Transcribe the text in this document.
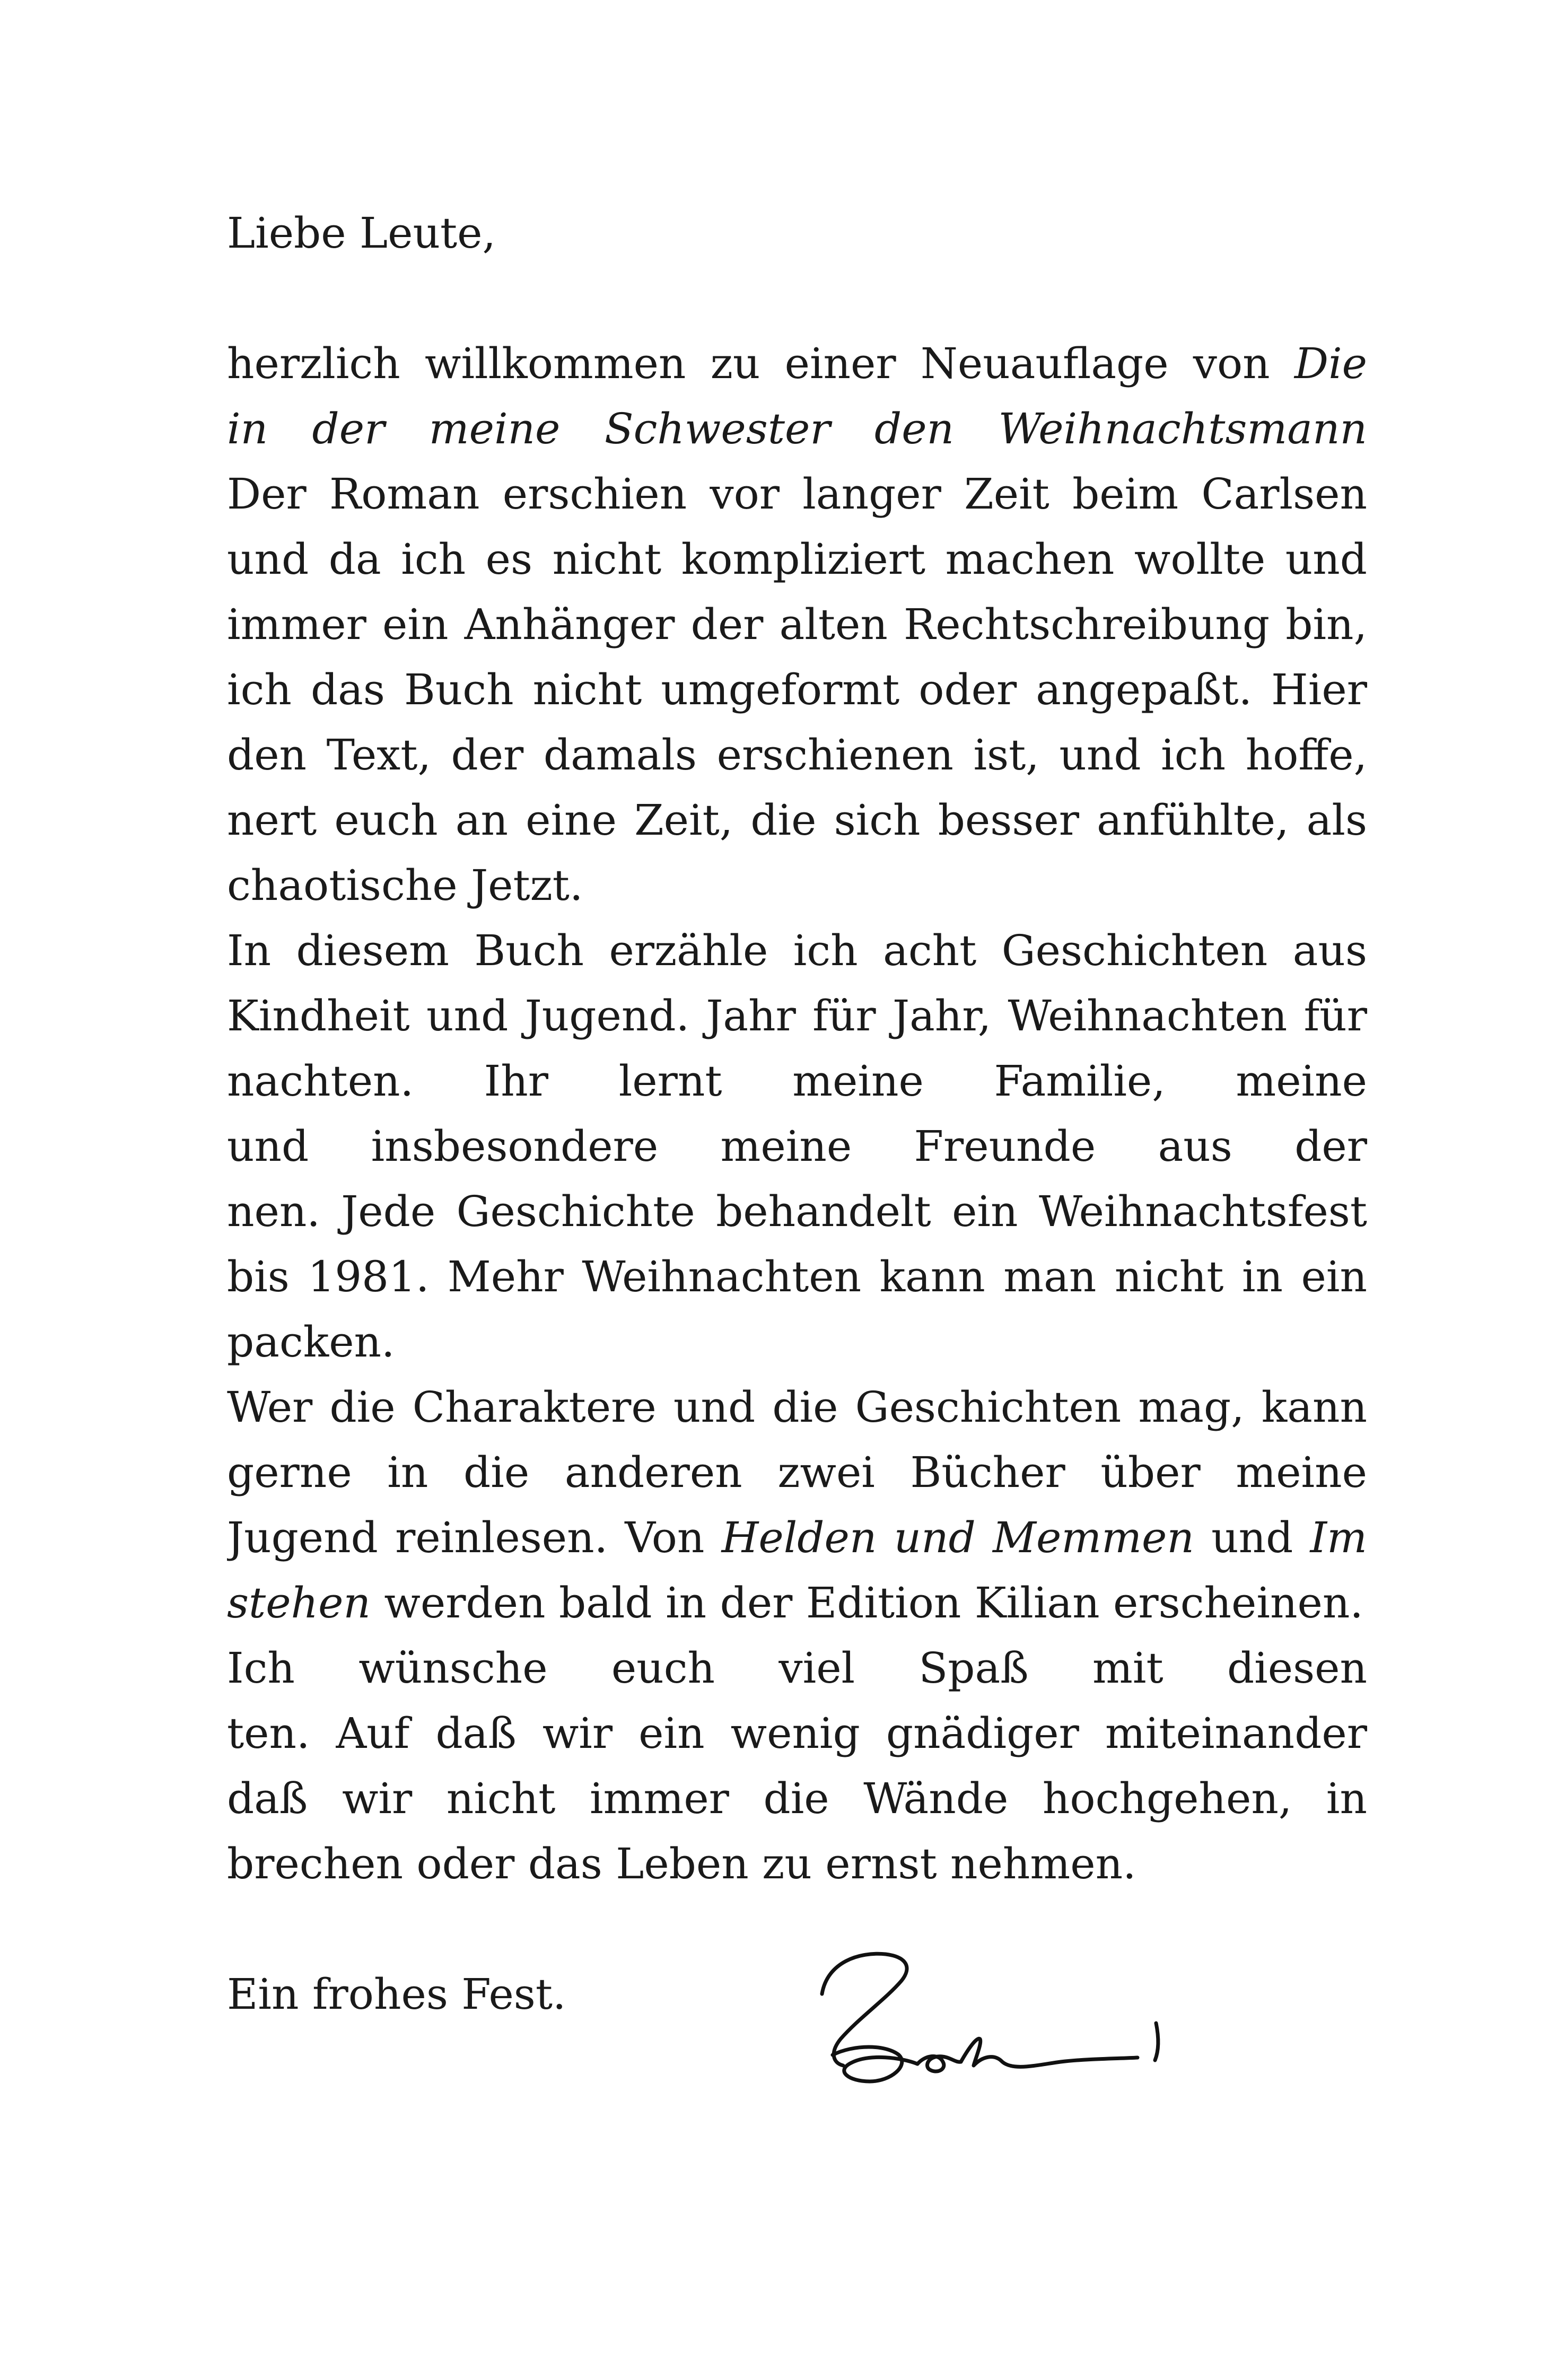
Liebe Leute,
herzlich willkommen zu einer Neuauflage von Die
in der meine Schwester den Weihnachtsmann
Der Roman erschien vor langer Zeit beim Carlsen
und da ich es nicht kompliziert machen wollte und
immer ein Anhänger der alten Rechtschreibung bin,
ich das Buch nicht umgeformt oder angepaßt. Hier
den Text, der damals erschienen ist, und ich hoffe,
nert euch an eine Zeit, die sich besser anfühlte, als
chaotische Jetzt.
In diesem Buch erzähle ich acht Geschichten aus
Kindheit und Jugend. Jahr für Jahr, Weihnachten für
nachten. Ihr lernt meine Familie, meine
und insbesondere meine Freunde aus der
nen. Jede Geschichte behandelt ein Weihnachtsfest
bis 1981. Mehr Weihnachten kann man nicht in ein
packen.
Wer die Charaktere und die Geschichten mag, kann
gerne in die anderen zwei Bücher über meine
Jugend reinlesen. Von Helden und Memmen und Im
stehen werden bald in der Edition Kilian erscheinen.
Ich wünsche euch viel Spaß mit diesen
ten. Auf daß wir ein wenig gnädiger miteinander
daß wir nicht immer die Wände hochgehen, in
brechen oder das Leben zu ernst nehmen.
Ein frohes Fest.
